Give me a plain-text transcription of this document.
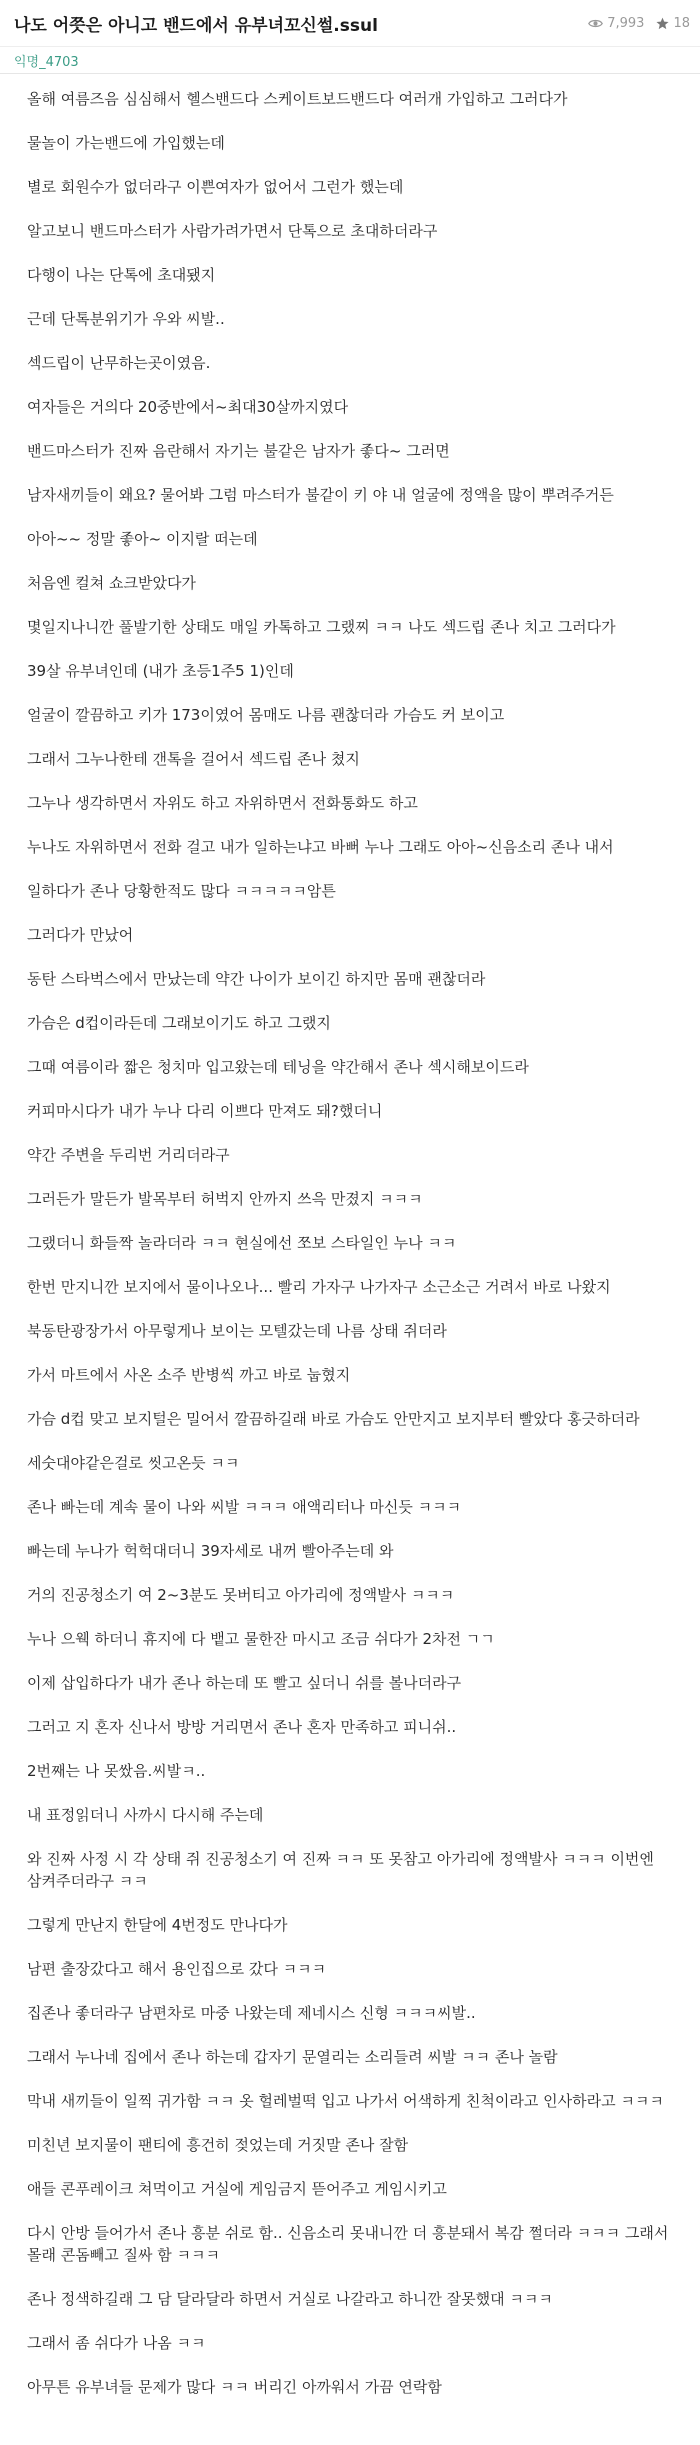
나도 어쯧은 아니고 밴드에서 유부녀꼬신썰.ssul	7,993 18
익명_4703

올해 여름즈음 심심해서 헬스밴드다 스케이트보드밴드다 여러개 가입하고 그러다가

물놀이 가는밴드에 가입했는데

별로 회원수가 없더라구 이쁜여자가 없어서 그런가 했는데

알고보니 밴드마스터가 사람가려가면서 단톡으로 초대하더라구

다행이 나는 단톡에 초대됐지

근데 단톡분위기가 우와 씨발..

섹드립이 난무하는곳이였음.

여자들은 거의다 20중반에서~최대30살까지였다

밴드마스터가 진짜 음란해서 자기는 불같은 남자가 좋다~ 그러면

남자새끼들이 왜요? 물어봐 그럼 마스터가 불같이 키 야 내 얼굴에 정액을 많이 뿌려주거든

아아~~ 정말 좋아~ 이지랄 떠는데

처음엔 컬쳐 쇼크받았다가

몇일지나니깐 풀발기한 상태도 매일 카톡하고 그랬찌 ㅋㅋ 나도 섹드립 존나 치고 그러다가

39살 유부녀인데 (내가 초등1주5 1)인데

얼굴이 깔끔하고 키가 173이였어 몸매도 나름 괜찮더라 가슴도 커 보이고

그래서 그누나한테 갠톡을 걸어서 섹드립 존나 쳤지

그누나 생각하면서 자위도 하고 자위하면서 전화통화도 하고

누나도 자위하면서 전화 걸고 내가 일하는냐고 바뻐 누나 그래도 아아~신음소리 존나 내서

일하다가 존나 당황한적도 많다 ㅋㅋㅋㅋㅋ암튼

그러다가 만났어

동탄 스타벅스에서 만났는데 약간 나이가 보이긴 하지만 몸매 괜찮더라

가슴은 d컵이라든데 그래보이기도 하고 그랬지

그때 여름이라 짧은 청치마 입고왔는데 테닝을 약간해서 존나 섹시해보이드라

커피마시다가 내가 누나 다리 이쁘다 만져도 돼?했더니

약간 주변을 두리번 거리더라구

그러든가 말든가 발목부터 허벅지 안까지 쓰윽 만졌지 ㅋㅋㅋ

그랬더니 화들짝 놀라더라 ㅋㅋ 현실에선 쪼보 스타일인 누나 ㅋㅋ

한번 만지니깐 보지에서 물이나오나... 빨리 가자구 나가자구 소근소근 거려서 바로 나왔지

북동탄광장가서 아무렇게나 보이는 모텔갔는데 나름 상태 쥐더라

가서 마트에서 사온 소주 반병씩 까고 바로 눕혔지

가슴 d컵 맞고 보지털은 밀어서 깔끔하길래 바로 가슴도 안만지고 보지부터 빨았다 홍긋하더라

세숫대야같은걸로 씻고온듯 ㅋㅋ

존나 빠는데 계속 물이 나와 씨발 ㅋㅋㅋ 애액리터나 마신듯 ㅋㅋㅋ

빠는데 누나가 헉헉대더니 39자세로 내꺼 빨아주는데 와

거의 진공청소기 여 2~3분도 못버티고 아가리에 정액발사 ㅋㅋㅋ

누나 으웩 하더니 휴지에 다 뱉고 물한잔 마시고 조금 쉬다가 2차전 ㄱㄱ

이제 삽입하다가 내가 존나 하는데 또 빨고 싶더니 쉬를 볼나더라구

그러고 지 혼자 신나서 방방 거리면서 존나 혼자 만족하고 피니쉬..

2번째는 나 못쌌음.씨발ㅋ..

내 표정읽더니 사까시 다시해 주는데

와 진짜 사정 시 각 상태 쥐 진공청소기 여 진짜 ㅋㅋ 또 못참고 아가리에 정액발사 ㅋㅋㅋ 이번엔 삼켜주더라구 ㅋㅋ

그렇게 만난지 한달에 4번정도 만나다가

남편 출장갔다고 해서 용인집으로 갔다 ㅋㅋㅋ

집존나 좋더라구 남편차로 마중 나왔는데 제네시스 신형 ㅋㅋㅋ씨발..

그래서 누나네 집에서 존나 하는데 갑자기 문열리는 소리들려 씨발 ㅋㅋ 존나 놀람

막내 새끼들이 일찍 귀가함 ㅋㅋ 옷 헐레벌떡 입고 나가서 어색하게 친척이라고 인사하라고 ㅋㅋㅋ

미친년 보지물이 팬티에 흥건히 젖었는데 거짓말 존나 잘함

애들 콘푸레이크 쳐먹이고 거실에 게임금지 뜯어주고 게임시키고

다시 안방 들어가서 존나 흥분 쉬로 함.. 신음소리 못내니깐 더 흥분돼서 복감 쩔더라 ㅋㅋㅋ 그래서 몰래 콘돔빼고 질싸 함 ㅋㅋㅋ

존나 정색하길래 그 담 달라달라 하면서 거실로 나갈라고 하니깐 잘못했대 ㅋㅋㅋ

그래서 좀 쉬다가 나옴 ㅋㅋ

아무튼 유부녀들 문제가 많다 ㅋㅋ 버리긴 아까워서 가끔 연락함
